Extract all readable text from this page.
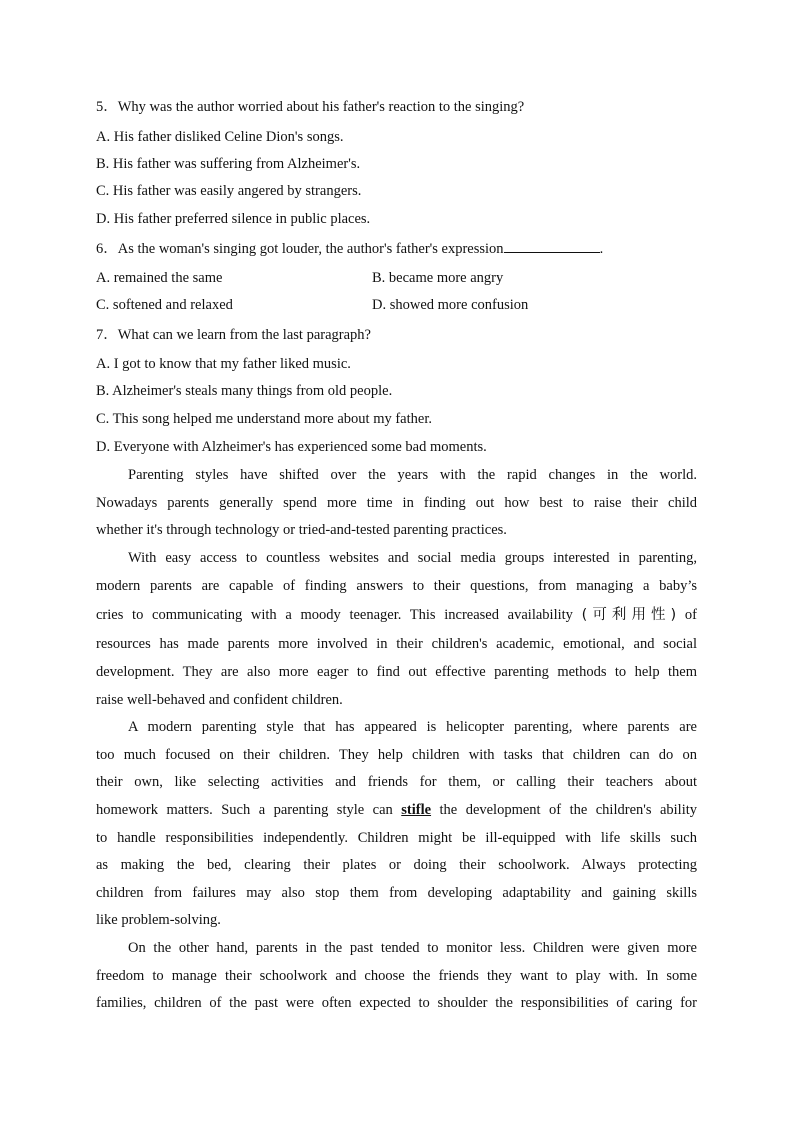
5．Why was the author worried about his father's reaction to the singing?
A. His father disliked Celine Dion's songs.
B. His father was suffering from Alzheimer's.
C. His father was easily angered by strangers.
D. His father preferred silence in public places.
6．As the woman's singing got louder, the author's father's expression	.
A. remained the same	B. became more angry
C. softened and relaxed	D. showed more confusion
7．What can we learn from the last paragraph?
A. I got to know that my father liked music.
B. Alzheimer's steals many things from old people.
C. This song helped me understand more about my father.
D. Everyone with Alzheimer's has experienced some bad moments.
Parenting styles have shifted over the years with the rapid changes in the world.
Nowadays parents generally spend more time in finding out how best to raise their child
whether it's through technology or tried-and-tested parenting practices.
With easy access to countless websites and social media groups interested in parenting,
modern parents are capable of finding answers to their questions, from managing a baby’s
cries to communicating with a moody teenager. This increased availability (可利用性) of
resources has made parents more involved in their children's academic, emotional, and social
development. They are also more eager to find out effective parenting methods to help them
raise well-behaved and confident children.
A modern parenting style that has appeared is helicopter parenting, where parents are
too much focused on their children. They help children with tasks that children can do on
their own, like selecting activities and friends for them, or calling their teachers about
homework matters. Such a parenting style can stifle the development of the children's ability
to handle responsibilities independently. Children might be ill-equipped with life skills such
as making the bed, clearing their plates or doing their schoolwork. Always protecting
children from failures may also stop them from developing adaptability and gaining skills
like problem-solving.
On the other hand, parents in the past tended to monitor less. Children were given more
freedom to manage their schoolwork and choose the friends they want to play with. In some
families, children of the past were often expected to shoulder the responsibilities of caring for
